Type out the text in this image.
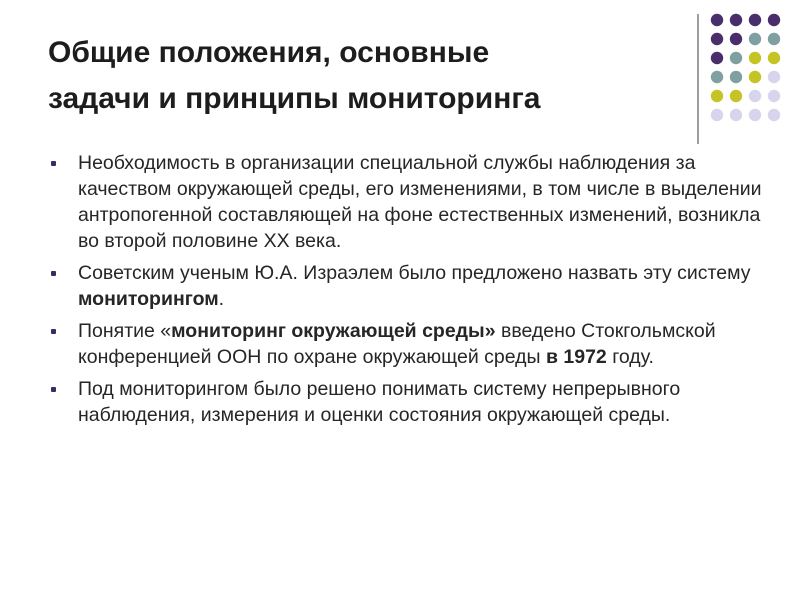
Общие положения, основные
задачи и принципы мониторинга
Необходимость в организации специальной службы наблюдения за качеством окружающей среды, его изменениями, в том числе в выделении антропогенной составляющей на фоне естественных изменений, возникла во второй половине XX века.
Советским ученым Ю.А. Израэлем было предложено назвать эту систему мониторингом.
Понятие «мониторинг окружающей среды» введено Стокгольмской конференцией ООН по охране окружающей среды в 1972 году.
Под мониторингом было решено понимать систему непрерывного наблюдения, измерения и оценки состояния окружающей среды.
